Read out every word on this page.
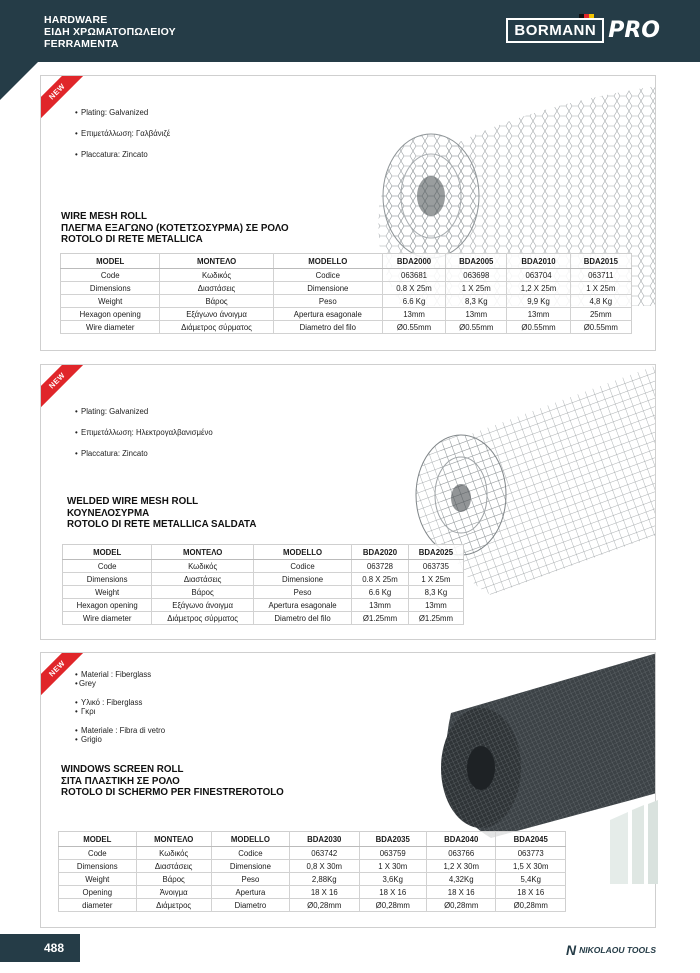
HARDWARE
ΕΙΔΗ ΧΡΩΜΑΤΟΠΩΛΕΙΟΥ
FERRAMENTA
BORMANN PRO
NEW
• Plating: Galvanized
• Επιμετάλλωση: Γαλβάνιζέ
• Placcatura: Zincato
WIRE MESH ROLL
ΠΛΕΓΜΑ ΕΞΑΓΩΝΟ (ΚΟΤΕΤΣΟΣΥΡΜΑ) ΣΕ ΡΟΛΟ
ROTOLO DI RETE METALLICA
MODEL	ΜΟΝΤΕΛΟ	MODELLO	BDA2000	BDA2005	BDA2010	BDA2015
Code	Κωδικός	Codice	063681	063698	063704	063711
Dimensions	Διαστάσεις	Dimensione	0.8 X 25m	1 X 25m	1,2 X 25m	1 X 25m
Weight	Βάρος	Peso	6.6 Kg	8,3 Kg	9,9 Kg	4,8 Kg
Hexagon opening	Εξάγωνο άνοιγμα	Apertura esagonale	13mm	13mm	13mm	25mm
Wire diameter	Διάμετρος σύρματος	Diametro del filo	Ø0.55mm	Ø0.55mm	Ø0.55mm	Ø0.55mm
NEW
• Plating: Galvanized
• Επιμετάλλωση: Ηλεκτρογαλβανισμένο
• Placcatura: Zincato
WELDED WIRE MESH ROLL
ΚΟΥΝΕΛΟΣΥΡΜΑ
ROTOLO DI RETE METALLICA SALDATA
MODEL	ΜΟΝΤΕΛΟ	MODELLO	BDA2020	BDA2025
Code	Κωδικός	Codice	063728	063735
Dimensions	Διαστάσεις	Dimensione	0.8 X 25m	1 X 25m
Weight	Βάρος	Peso	6.6 Kg	8,3 Kg
Hexagon opening	Εξάγωνο άνοιγμα	Apertura esagonale	13mm	13mm
Wire diameter	Διάμετρος σύρματος	Diametro del filo	Ø1.25mm	Ø1.25mm
NEW	• Material : Fiberglass
• Grey
• Υλικό : Fiberglass
• Γκρι
• Materiale : Fibra di vetro
• Grigio
WINDOWS SCREEN ROLL
ΣΙΤΑ ΠΛΑΣΤΙΚΗ ΣΕ ΡΟΛΟ
ROTOLO DI SCHERMO PER FINESTREROTOLO
MODEL	ΜΟΝΤΕΛΟ	MODELLO	BDA2030	BDA2035	BDA2040	BDA2045
Code	Κωδικός	Codice	063742	063759	063766	063773
Dimensions	Διαστάσεις	Dimensione	0,8 X 30m	1 X 30m	1,2 X 30m	1,5 X 30m
Weight	Βάρος	Peso	2,88Kg	3,6Kg	4,32Kg	5,4Kg
Opening	Άνοιγμα	Apertura	18 X 16	18 X 16	18 X 16	18 X 16
diameter	Διάμετρος	Diametro	Ø0,28mm	Ø0,28mm	Ø0,28mm	Ø0,28mm
488	N NIKOLAOU TOOLS
